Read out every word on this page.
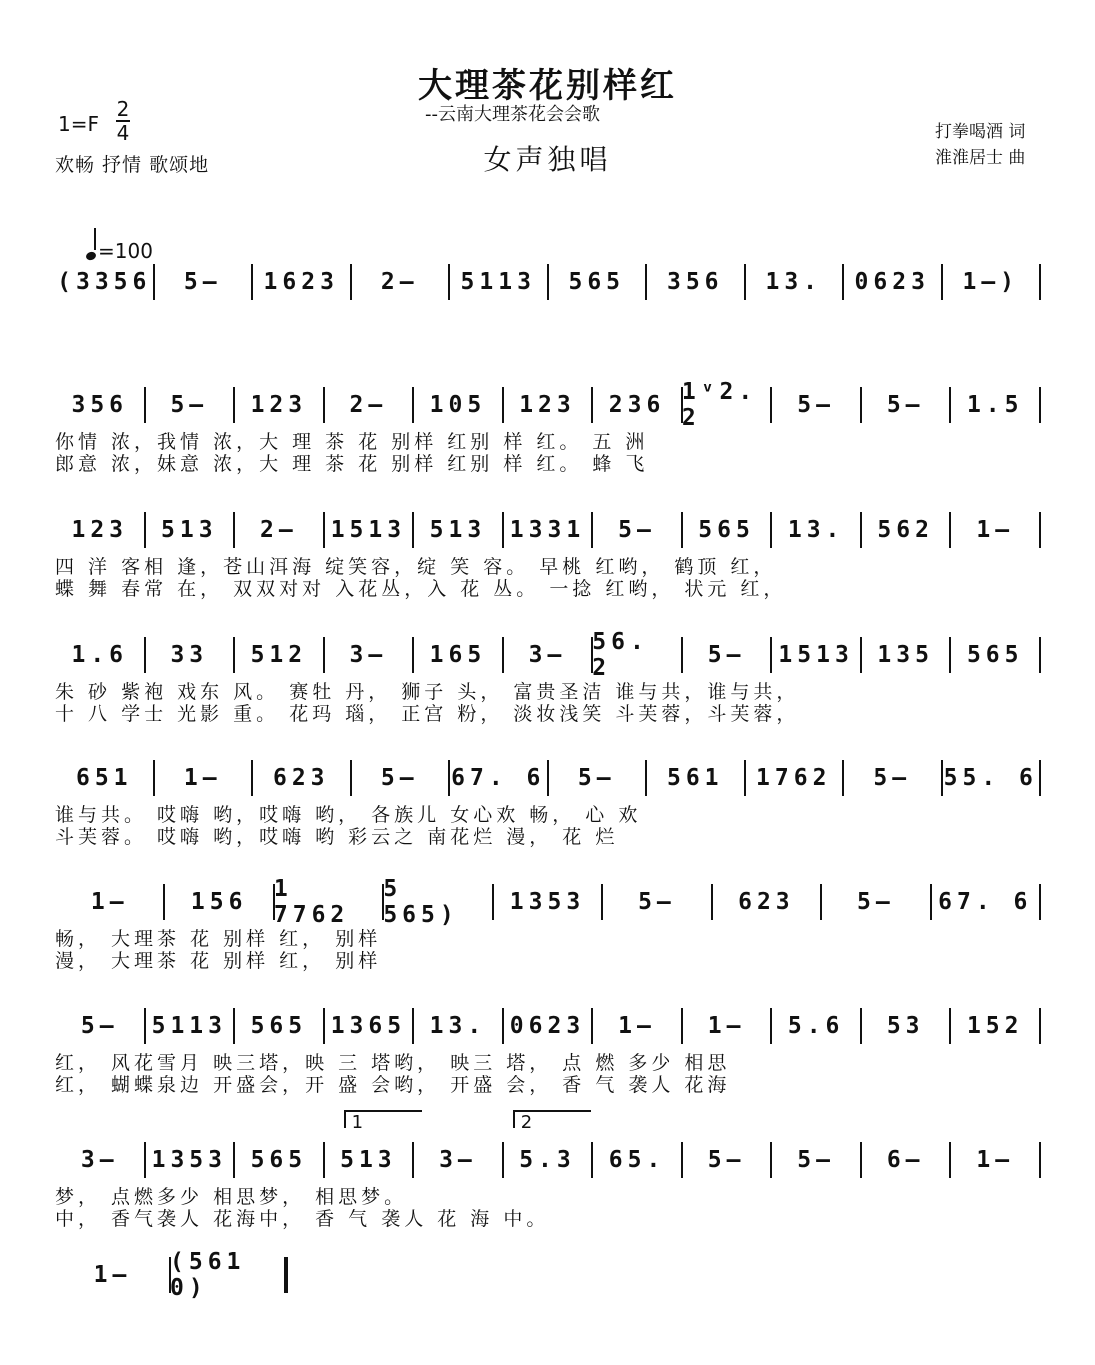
大理茶花别样红
--云南大理茶花会会歌
女声独唱
1=F
2
4
欢畅 抒情 歌颂地
打拳喝酒 词
淮淮居士 曲
=100
(3356	5–	1623	2–	5113	565	356	13.	0623	1–)
356	5–	123	2–	105	123	236 1ᵛ2. 2	5–	5–	1.5
你情 浓，我情 浓，大 理 茶 花 别样 红别 样 红。 五 洲
郎意 浓，妹意 浓，大 理 茶 花 别样 红别 样 红。 蜂 飞
123	513	2–	1513	513	1331	5–	565	13.	562	1–
四 洋 客相 逢，苍山洱海 绽笑容，绽 笑 容。 早桃 红哟， 鹤顶 红，
蝶 舞 春常 在， 双双对对 入花丛，入 花 丛。 一捻 红哟， 状元 红，
1.6	33	512	3–	165	3–	56. 2	5–	1513	135	565
朱 砂 紫袍 戏东 风。 赛牡 丹， 狮子 头， 富贵圣洁 谁与共，谁与共，
十 八 学士 光影 重。 花玛 瑙， 正宫 粉， 淡妆浅笑 斗芙蓉，斗芙蓉，
651	1–	623	5–	67. 6	5–	561	1762	5–	55. 6
谁与共。 哎嗨 哟，哎嗨 哟， 各族儿 女心欢 畅， 心 欢
斗芙蓉。 哎嗨 哟，哎嗨 哟 彩云之 南花烂 漫， 花 烂
1–	156	1 7762
5 565)	1353	5–	623	5–	67. 6
畅， 大理茶 花 别样 红， 别样
漫， 大理茶 花 别样 红， 别样
5–	5113	565	1365	13.	0623	1–	1–	5.6	53	152
红， 风花雪月 映三塔，映 三 塔哟， 映三 塔， 点 燃 多少 相思
红， 蝴蝶泉边 开盛会，开 盛 会哟， 开盛 会， 香 气 袭人 花海
3–	1353	565	513	3–	5.3	65.	5–	5–	6–	1–
梦， 点燃多少 相思梦， 相思梦。
中， 香气袭人 花海中， 香 气 袭人 花 海 中。
1	2
1–	(561 0)
